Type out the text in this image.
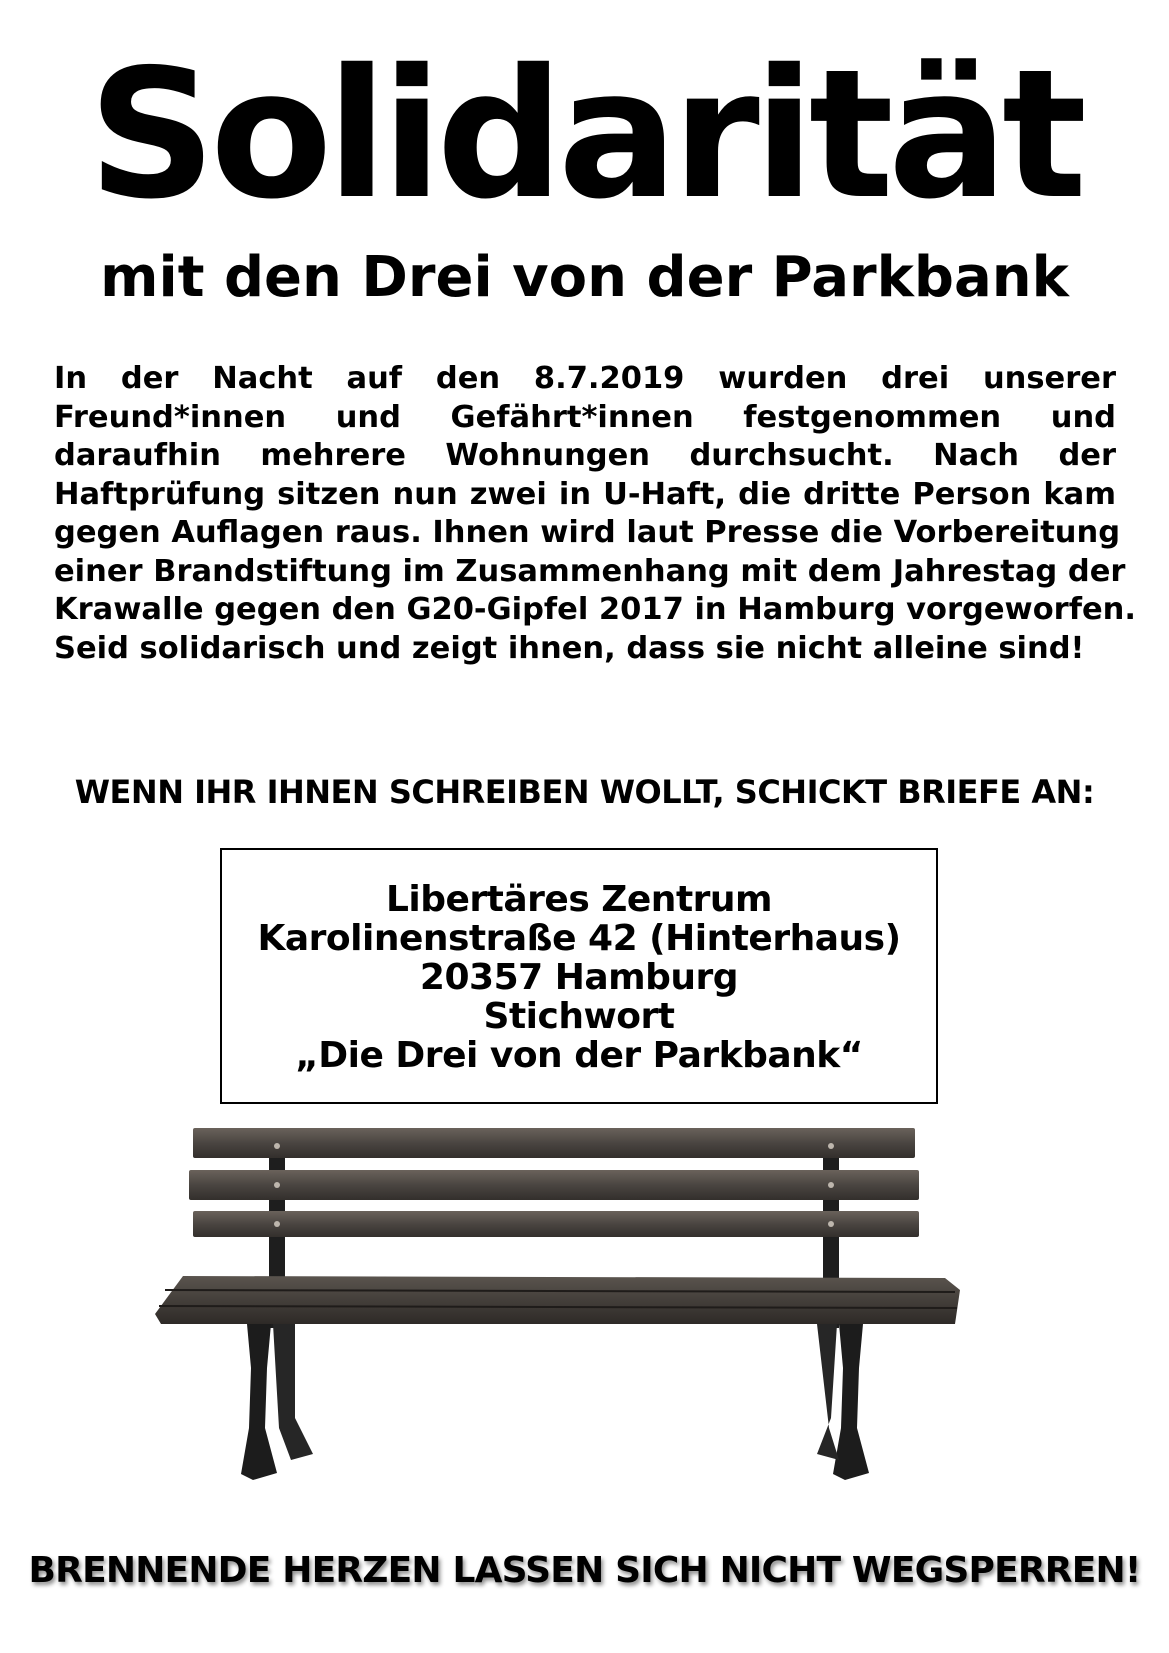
Solidarität
mit den Drei von der Parkbank
In der Nacht auf den 8.7.2019 wurden drei unserer
Freund*innen und Gefährt*innen festgenommen und
daraufhin mehrere Wohnungen durchsucht. Nach der
Haftprüfung sitzen nun zwei in U-Haft, die dritte Person kam
gegen Auflagen raus. Ihnen wird laut Presse die Vorbereitung
einer Brandstiftung im Zusammenhang mit dem Jahrestag der
Krawalle gegen den G20-Gipfel 2017 in Hamburg vorgeworfen.
Seid solidarisch und zeigt ihnen, dass sie nicht alleine sind!
WENN IHR IHNEN SCHREIBEN WOLLT, SCHICKT BRIEFE AN:
Libertäres Zentrum
Karolinenstraße 42 (Hinterhaus)
20357 Hamburg
Stichwort
„Die Drei von der Parkbank“
BRENNENDE HERZEN LASSEN SICH NICHT WEGSPERREN!
